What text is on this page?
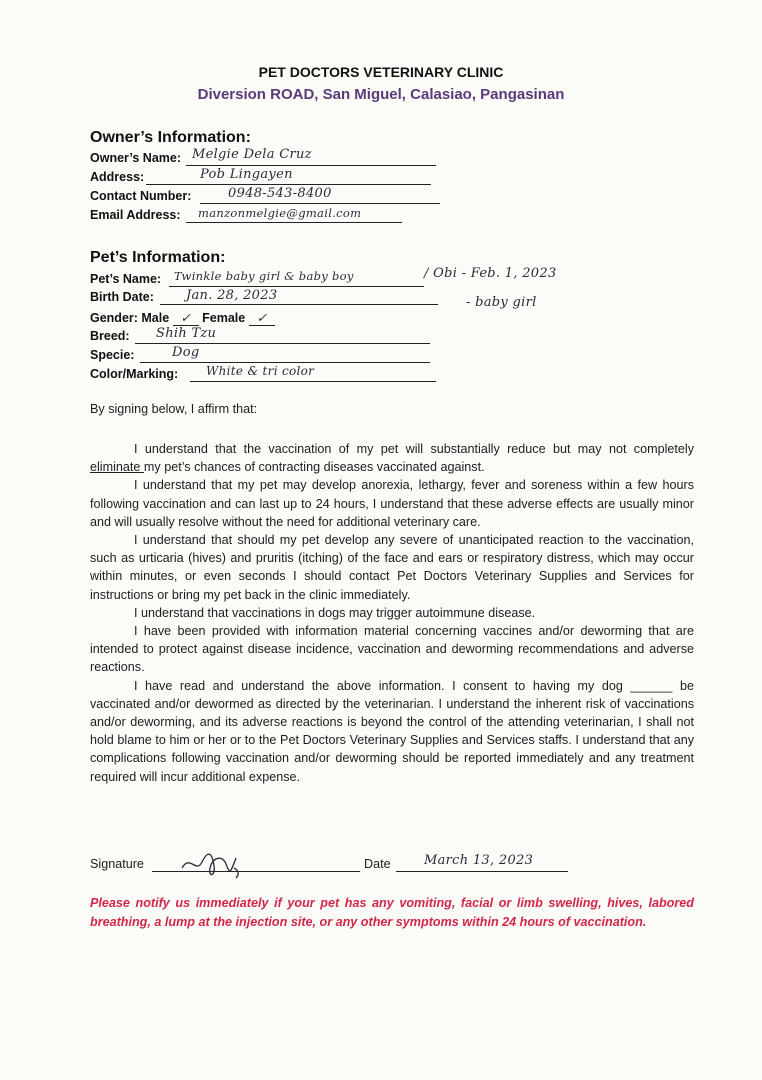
PET DOCTORS VETERINARY CLINIC
Diversion ROAD, San Miguel, Calasiao, Pangasinan
Owner’s Information:
Owner’s Name: Melgie Dela Cruz
Address:	Pob Lingayen
Contact Number:	0948-543-8400
Email Address: manzonmelgie@gmail.com
Pet’s Information:
Pet’s Name: Twinkle baby girl & baby boy	/ Obi - Feb. 1, 2023
Birth Date: Jan. 28, 2023	- baby girl
Gender: Male ✓ Female ✓
Breed: Shih Tzu
Specie:	Dog
Color/Marking: White & tri color
By signing below, I affirm that:

I understand that the vaccination of my pet will substantially reduce but may not completely eliminate my pet’s chances of contracting diseases vaccinated against.

I understand that my pet may develop anorexia, lethargy, fever and soreness within a few hours following vaccination and can last up to 24 hours, I understand that these adverse effects are usually minor and will usually resolve without the need for additional veterinary care.

I understand that should my pet develop any severe of unanticipated reaction to the vaccination, such as urticaria (hives) and pruritis (itching) of the face and ears or respiratory distress, which may occur within minutes, or even seconds I should contact Pet Doctors Veterinary Supplies and Services for instructions or bring my pet back in the clinic immediately.

I understand that vaccinations in dogs may trigger autoimmune disease.

I have been provided with information material concerning vaccines and/or deworming that are intended to protect against disease incidence, vaccination and deworming recommendations and adverse reactions.

I have read and understand the above information. I consent to having my dog ______ be vaccinated and/or dewormed as directed by the veterinarian. I understand the inherent risk of vaccinations and/or deworming, and its adverse reactions is beyond the control of the attending veterinarian, I shall not hold blame to him or her or to the Pet Doctors Veterinary Supplies and Services staffs. I understand that any complications following vaccination and/or deworming should be reported immediately and any treatment required will incur additional expense.

Signature	Date	March 13, 2023
Please notify us immediately if your pet has any vomiting, facial or limb swelling, hives, labored breathing, a lump at the injection site, or any other symptoms within 24 hours of vaccination.
